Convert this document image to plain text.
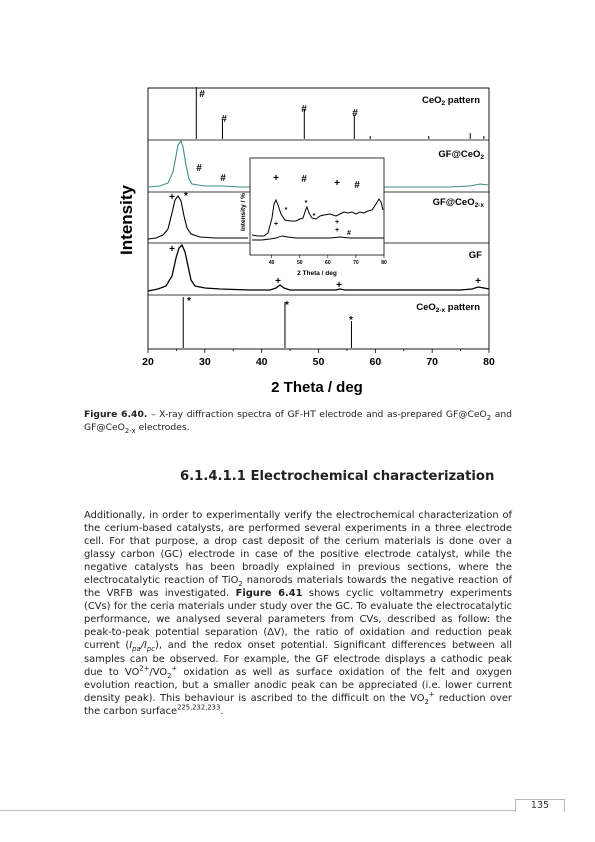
20	30	40	50	60	70	80
Intensity
2 Theta / deg
40	50	60	70	80
Intensity / %
2 Theta / deg
+
*
*
*
+
+
#
CeO$_2$ pattern
GF@CeO$_2$
GF@CeO$_{2-x}$
GF
CeO$_{2-x}$ pattern
#
#
#	#
#
#	+ #	+ #
+ *
+
+	+	+
*	*
*
Figure 6.40. – X-ray diffraction spectra of GF-HT electrode and as-prepared GF@CeO$_2$ and GF@CeO$_{2-x}$ electrodes.
6.1.4.1.1 Electrochemical characterization
Additionally, in order to experimentally verify the electrochemical characterization of the cerium-based catalysts, are performed several experiments in a three electrode cell. For that purpose, a drop cast deposit of the cerium materials is done over a glassy carbon (GC) electrode in case of the positive electrode catalyst, while the negative catalysts has been broadly explained in previous sections, where the electrocatalytic reaction of TiO$_2$ nanorods materials towards the negative reaction of the VRFB was investigated. Figure 6.41 shows cyclic voltammetry experiments (CVs) for the ceria materials under study over the GC. To evaluate the electrocatalytic performance, we analysed several parameters from CVs, described as follow: the peak-to-peak potential separation (ΔV), the ratio of oxidation and reduction peak current $(I_{pa}/I_{pc})$, and the redox onset potential. Significant differences between all samples can be observed. For example, the GF electrode displays a cathodic peak due to $VO^{2+}/VO_2^+$ oxidation as well as surface oxidation of the felt and oxygen evolution reaction, but a smaller anodic peak can be appreciated (i.e. lower current density peak). This behaviour is ascribed to the difficult on the $VO_2^+$ reduction over the carbon surface$^{225,232,233}$.
135
